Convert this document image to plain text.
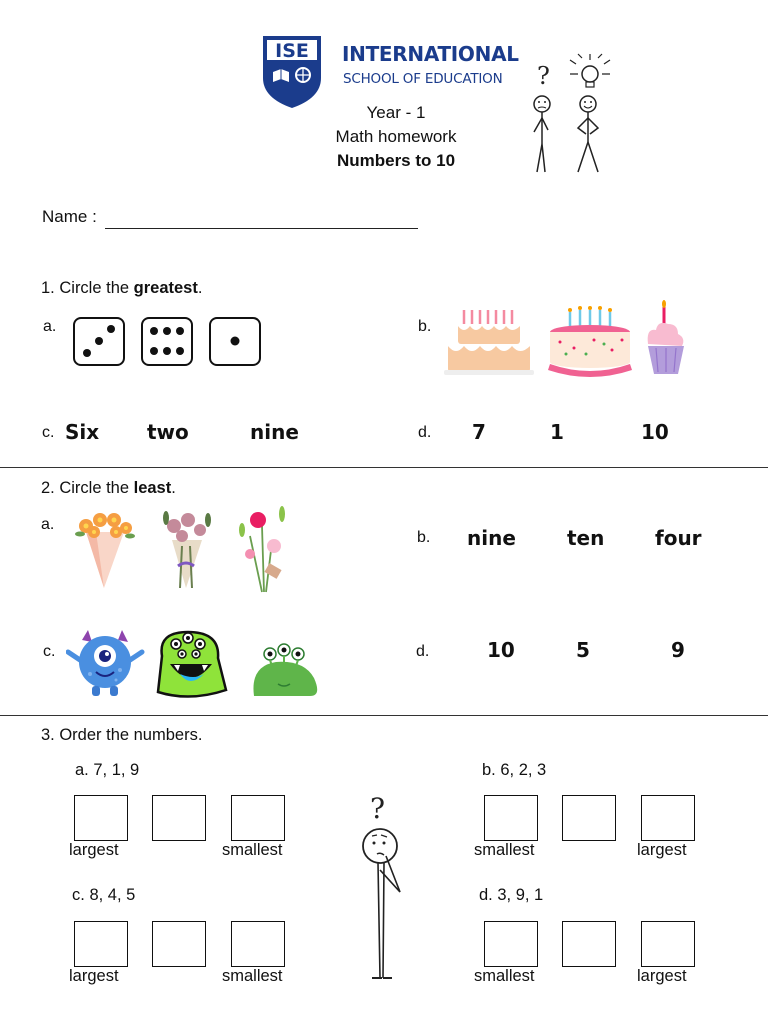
ISE INTERNATIONAL
SCHOOL OF EDUCATION
Year - 1
Math homework
Numbers to 10
?
Name :
1. Circle the greatest.
a.	b.
c. Six two	nine	d. 7	1	10
2. Circle the least.
a.
b. nine	ten	four
c.	d.	10	5	9
3. Order the numbers.
a. 7, 1, 9
largest	smallest
b. 6, 2, 3
smallest	largest
c. 8, 4, 5
largest	smallest
d. 3, 9, 1
smallest	largest
?
